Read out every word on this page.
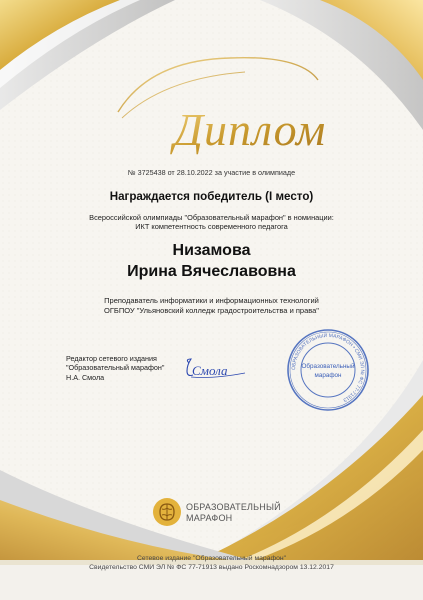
Диплом
№ 3725438 от 28.10.2022 за участие в олимпиаде
Награждается победитель (I место)
Всероссийской олимпиады "Образовательный марафон" в номинации:
ИКТ компетентность современного педагога
Низамова
Ирина Вячеславовна
Преподаватель информатики и информационных технологий
ОГБПОУ "Ульяновский колледж градостроительства и права"
Редактор сетевого издания
"Образовательный марафон"
Н.А. Смола	Смола	ОБРАЗОВАТЕЛЬНЫЙ МАРАФОН • СМИ ЭЛ № ФС 77-71913
Образовательный
марафон
ОБРАЗОВАТЕЛЬНЫЙ
МАРАФОН
Сетевое издание "Образовательный марафон"
Свидетельство СМИ ЭЛ № ФС 77-71913 выдано Роскомнадзором 13.12.2017
